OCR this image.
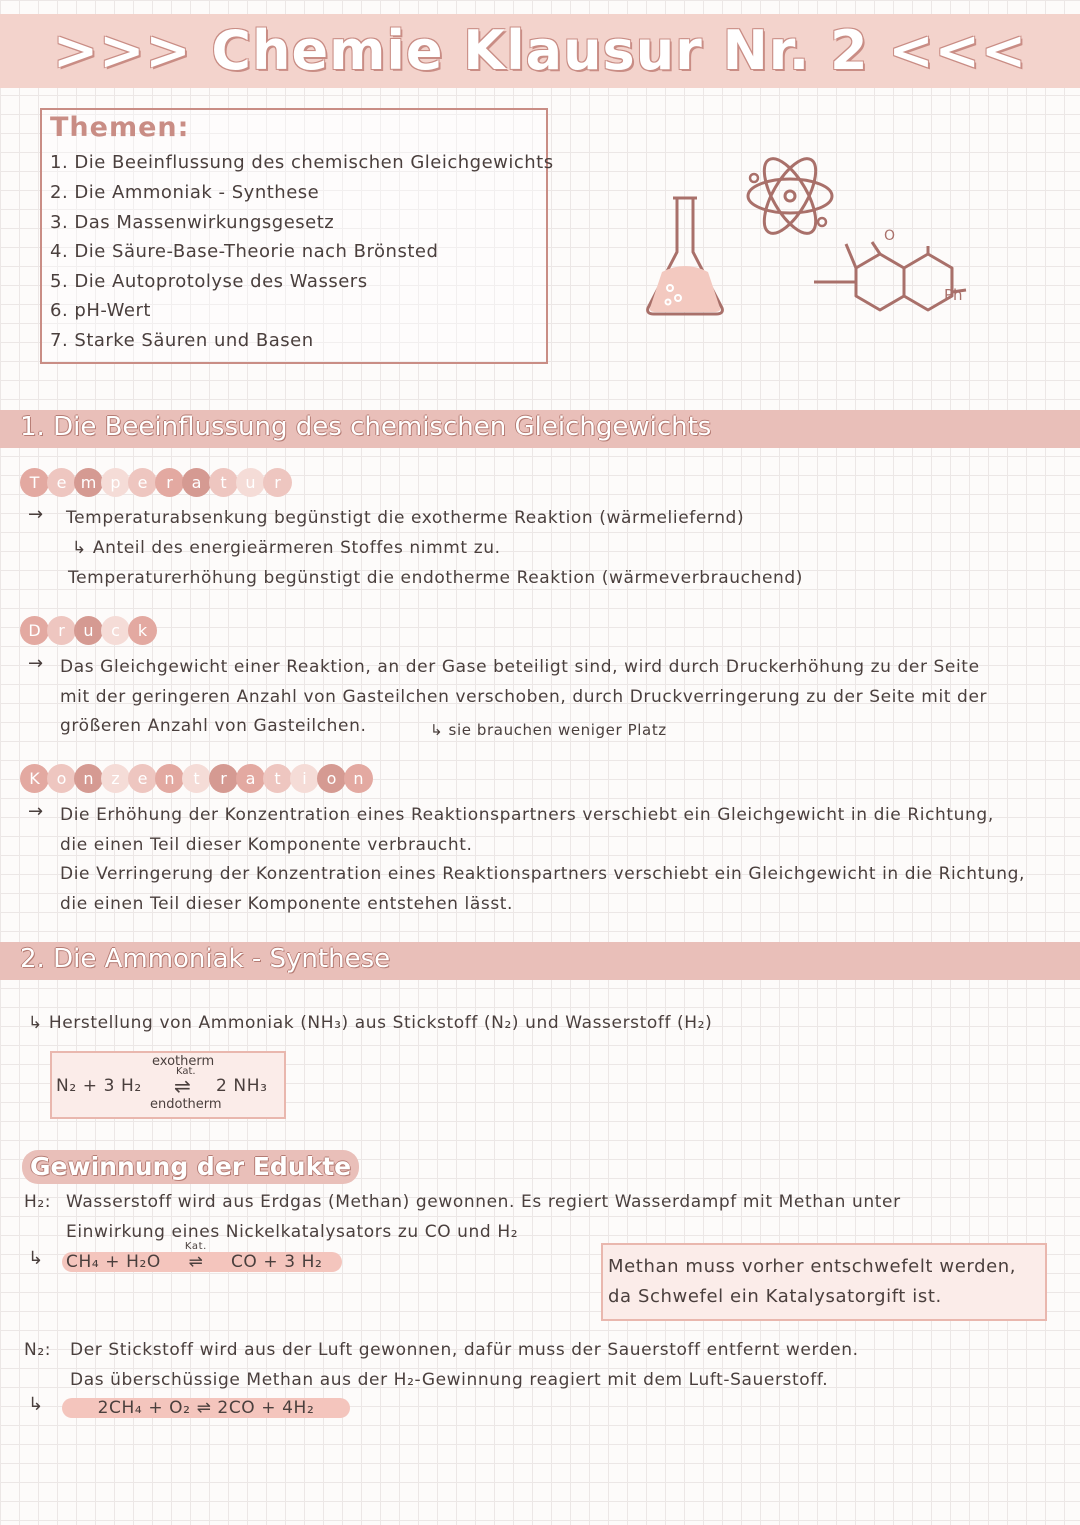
>>> Chemie Klausur Nr. 2 <<<
Themen:
1. Die Beeinflussung des chemischen Gleichgewichts
2. Die Ammoniak - Synthese
3. Das Massenwirkungsgesetz
4. Die Säure-Base-Theorie nach Brönsted
5. Die Autoprotolyse des Wassers
6. pH-Wert
7. Starke Säuren und Basen
O
Ph
1. Die Beeinflussung des chemischen Gleichgewichts
T	e m p	e	r	a	t	u	r
→ Temperaturabsenkung begünstigt die exotherme Reaktion (wärmeliefernd)
↳ Anteil des energieärmeren Stoffes nimmt zu.
Temperaturerhöhung begünstigt die endotherme Reaktion (wärmeverbrauchend)
D	r	u	c	k
→ Das Gleichgewicht einer Reaktion, an der Gase beteiligt sind, wird durch Druckerhöhung zu der Seite
mit der geringeren Anzahl von Gasteilchen verschoben, durch Druckverringerung zu der Seite mit der
größeren Anzahl von Gasteilchen.	↳ sie brauchen weniger Platz
K	o	n	z	e	n	t	r	a	t	i	o	n
→ Die Erhöhung der Konzentration eines Reaktionspartners verschiebt ein Gleichgewicht in die Richtung,
die einen Teil dieser Komponente verbraucht.
Die Verringerung der Konzentration eines Reaktionspartners verschiebt ein Gleichgewicht in die Richtung,
die einen Teil dieser Komponente entstehen lässt.
2. Die Ammoniak - Synthese
↳ Herstellung von Ammoniak (NH₃) aus Stickstoff (N₂) und Wasserstoff (H₂)
exotherm
N₂ + 3 H₂
Kat.
⇌ 2 NH₃
endotherm
Gewinnung der Edukte
H₂: Wasserstoff wird aus Erdgas (Methan) gewonnen. Es regiert Wasserdampf mit Methan unter
Einwirkung eines Nickelkatalysators zu CO und H₂
↳ CH₄ + H₂O ⇌
Kat.
CO + 3 H₂	Methan muss vorher entschwefelt werden,
da Schwefel ein Katalysatorgift ist.
N₂: Der Stickstoff wird aus der Luft gewonnen, dafür muss der Sauerstoff entfernt werden.
Das überschüssige Methan aus der H₂-Gewinnung reagiert mit dem Luft-Sauerstoff.
↳	2CH₄ + O₂ ⇌ 2CO + 4H₂
